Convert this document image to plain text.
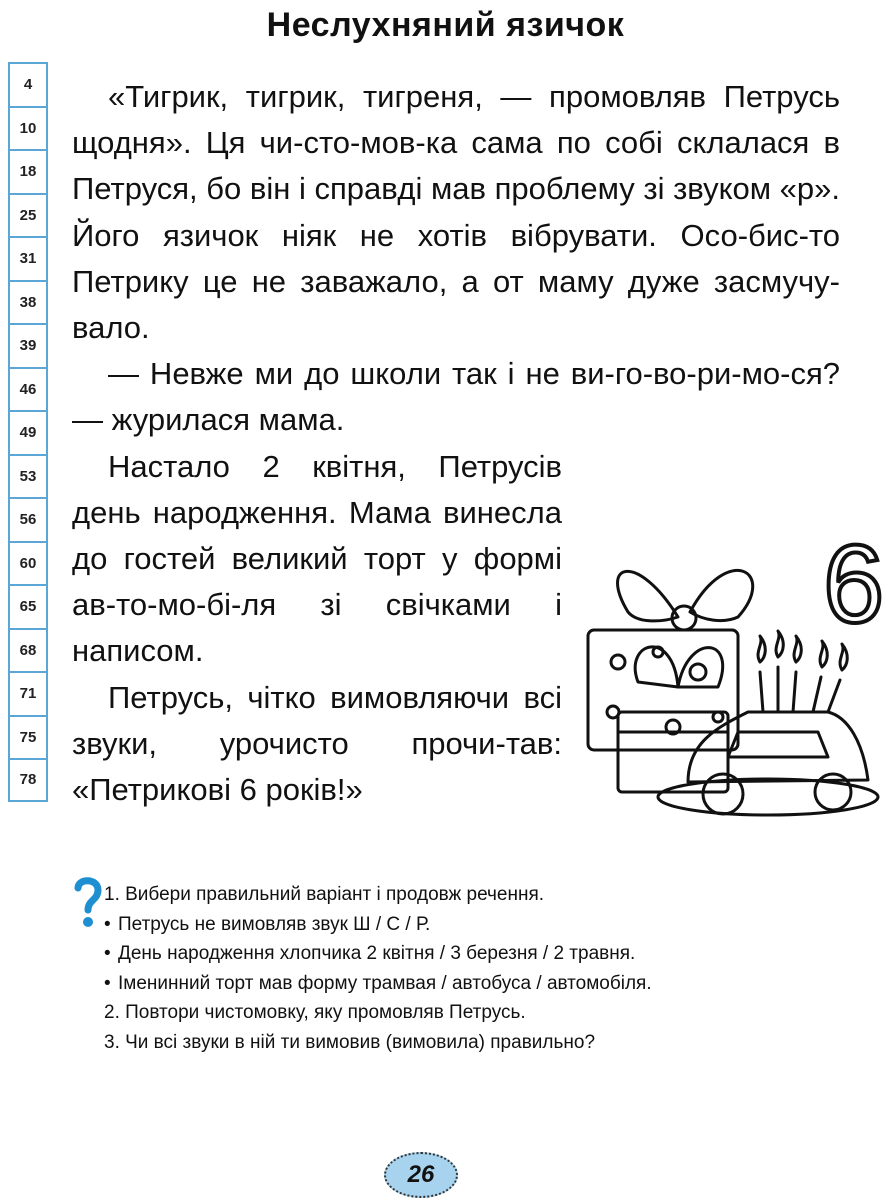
Неслухняний язичок
4
10
18
25
31
38
39
46
49
53
56
60
65
68
71
75
78

«Тигрик, тигрик, тигреня, — промовляв Петрусь щодня». Ця чи-сто-мов-ка сама по собі склалася в Петруся, бо він і справді мав проблему зі звуком «р». Його язичок ніяк не хотів вібрувати. Осо-бис-то Петрику це не заважало, а от маму дуже засмучу-вало.

— Невже ми до школи так і не ви-го-во-ри-мо-ся? — журилася мама.

Настало 2 квітня, Петрусів день народження. Мама винесла до гостей великий торт у формі ав-то-мо-бі-ля зі свічками і написом.

Петрусь, чітко вимовляючи всі звуки, урочисто прочи-тав: «Петрикові 6 років!»

6

1. Вибери правильний варіант і продовж речення.

• Петрусь не вимовляв звук Ш / С / Р.

• День народження хлопчика 2 квітня / 3 березня / 2 травня.

• Іменинний торт мав форму трамвая / автобуса / автомобіля.

2. Повтори чистомовку, яку промовляв Петрусь.

3. Чи всі звуки в ній ти вимовив (вимовила) правильно?

26
